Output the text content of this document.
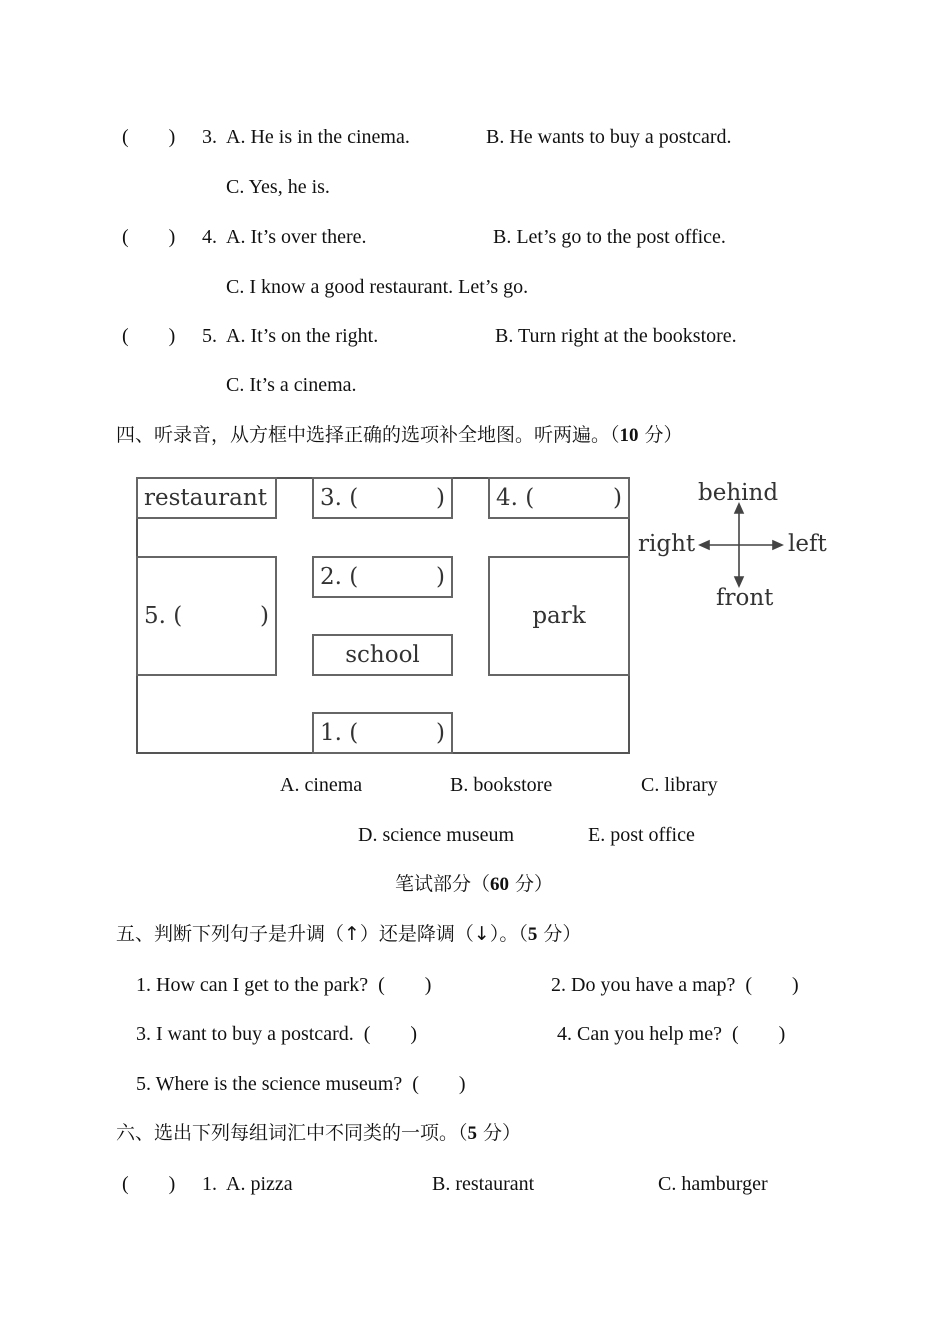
(        ) 3. A. He is in the cinema.	B. He wants to buy a postcard.
C. Yes, he is.
(        ) 4. A. It’s over there.	B. Let’s go to the post office.
C. I know a good restaurant. Let’s go.
(        ) 5. A. It’s on the right.	B. Turn right at the bookstore.
C. It’s a cinema.
四、听录音，从方框中选择正确的选项补全地图。听两遍。（10 分）
restaurant 3. (	) 4. (	)
2. (	)
5. (	)	park
school
1. (	)
behind
right	left
front
A. cinema	B. bookstore	C. library
D. science museum	E. post office
笔试部分（60 分）
五、判断下列句子是升调（↑）还是降调（↓）。（5 分）
1. How can I get to the park?  (        )	2. Do you have a map?  (        )
3. I want to buy a postcard.  (        )	4. Can you help me?  (        )
5. Where is the science museum?  (        )
六、选出下列每组词汇中不同类的一项。（5 分）
(        ) 1. A. pizza	B. restaurant	C. hamburger
